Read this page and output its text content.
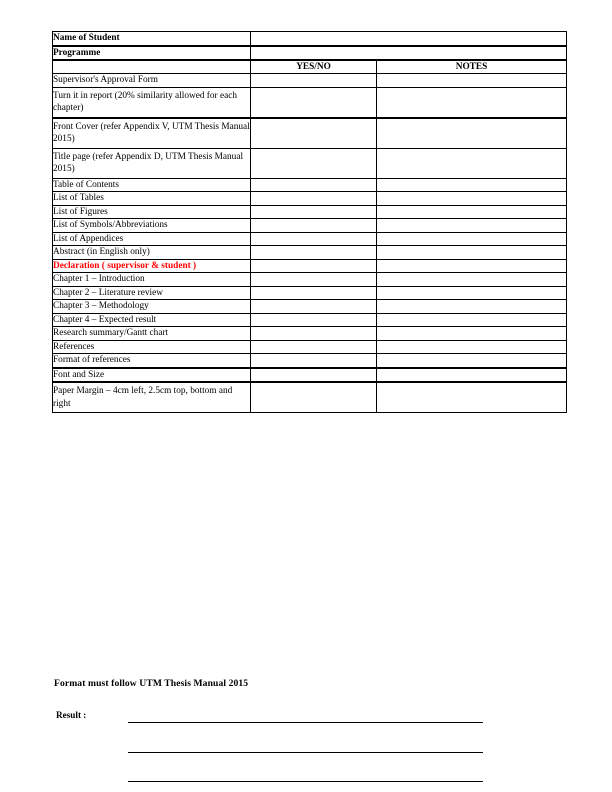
Name of Student		
Programme		
	YES/NO	NOTES
Supervisor's Approval Form		
Turn it in report (20% similarity allowed for each chapter)		
Front Cover (refer Appendix V, UTM Thesis Manual 2015)		
Title page (refer Appendix D, UTM Thesis Manual 2015)		
Table of Contents		
List of Tables		
List of Figures		
List of Symbols/Abbreviations		
List of Appendices		
Abstract (in English only)		
Declaration ( supervisor & student )		
Chapter 1 – Introduction		
Chapter 2 – Literature review		
Chapter 3 – Methodology		
Chapter 4 – Expected result		
Research summary/Gantt chart		
References		
Format of references		
Font and Size		
Paper Margin – 4cm left, 2.5cm top, bottom and right		
Format must follow UTM Thesis Manual 2015
Result :
